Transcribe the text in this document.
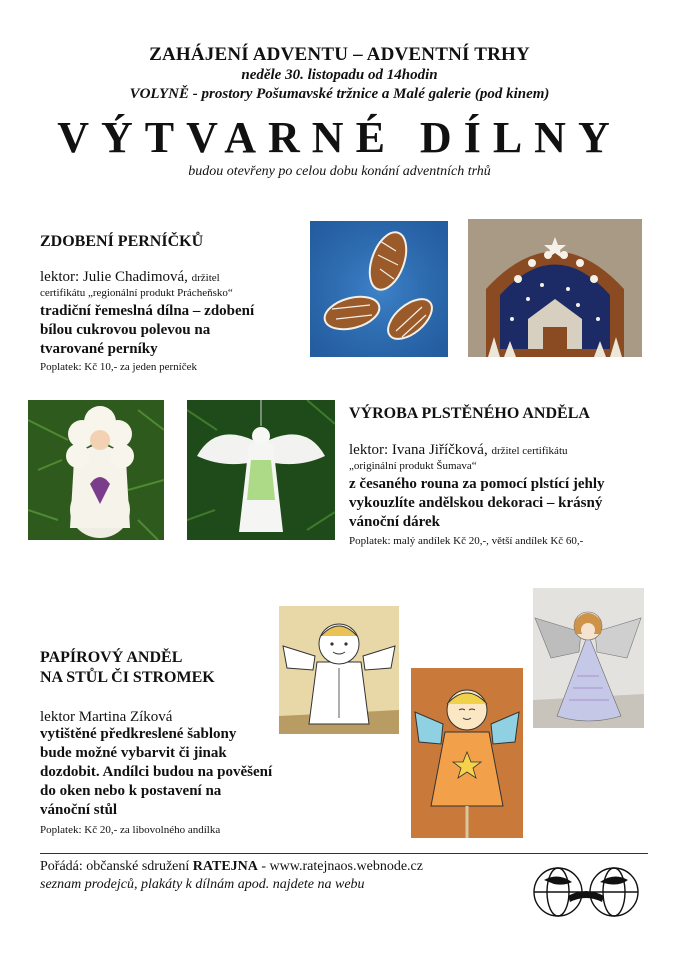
ZAHÁJENÍ ADVENTU – ADVENTNÍ TRHY
neděle 30. listopadu od 14hodin
VOLYNĚ - prostory Pošumavské tržnice a Malé galerie (pod kinem)
VÝTVARNÉ DÍLNY
budou otevřeny po celou dobu konání adventních trhů
ZDOBENÍ PERNÍČKŮ
lektor: Julie Chadimová, držitel
certifikátu „regionální produkt Prácheňsko“
tradiční řemeslná dílna – zdobení
bílou cukrovou polevou na
tvarované perníky
Poplatek: Kč 10,- za jeden perníček
VÝROBA PLSTĚNÉHO ANDĚLA
lektor: Ivana Jiříčková, držitel certifikátu
„originální produkt Šumava“
z česaného rouna za pomocí plstící jehly
vykouzlíte andělskou dekoraci – krásný
vánoční dárek
Poplatek: malý andílek Kč 20,-, větší andílek Kč 60,-
PAPÍROVÝ ANDĚL
NA STŮL ČI STROMEK
lektor Martina Zíková
vytištěné předkreslené šablony
bude možné vybarvit či jinak
dozdobit. Andílci budou na pověšení
do oken nebo k postavení na
vánoční stůl
Poplatek: Kč 20,- za libovolného andílka
Pořádá: občanské sdružení RATEJNA - www.ratejnaos.webnode.cz
seznam prodejců, plakáty k dílnám apod. najdete na webu
